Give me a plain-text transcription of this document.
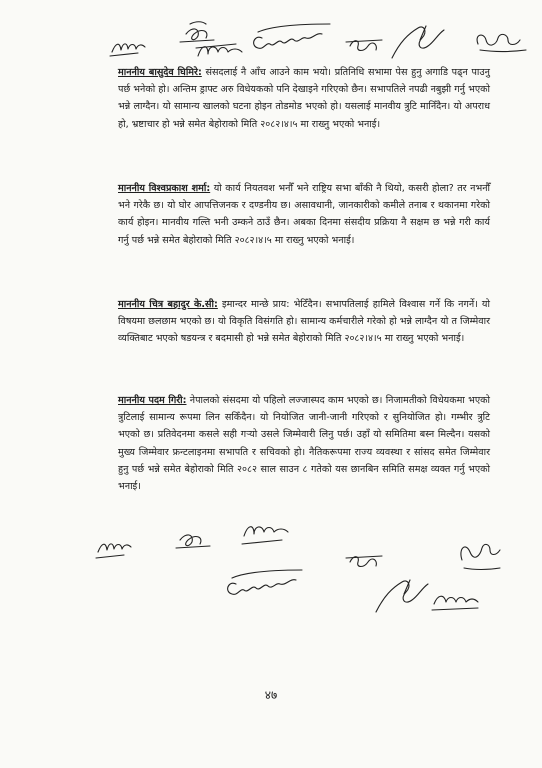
माननीय बासुदेव घिमिरे: संसदलाई नै आँच आउने काम भयो। प्रतिनिधि सभामा पेस हुनु अगाडि पढ्न पाउनु पर्छ भनेको हो। अन्तिम ड्राफ्ट अरु विधेयकको पनि देखाइने गरिएको छैन। सभापतिले नपढी नबुझी गर्नु भएको भन्ने लाग्दैन। यो सामान्य खालको घटना होइन तोडमोड भएको हो। यसलाई मानवीय त्रुटि मानिँदैन। यो अपराध हो, भ्रष्टाचार हो भन्ने समेत बेहोराको मिति २०८२।४।५ मा राख्नु भएको भनाई।

माननीय विश्वप्रकाश शर्मा: यो कार्य नियतवश भनौँ भने राष्ट्रिय सभा बाँकी नै थियो, कसरी होला? तर नभनौँ भने गरेकै छ। यो घोर आपत्तिजनक र दण्डनीय छ। असावधानी, जानकारीको कमीले तनाब र थकानमा गरेको कार्य होइन। मानवीय गल्ति भनी उम्कने ठाउँ छैन। अबका दिनमा संसदीय प्रक्रिया नै सक्षम छ भन्ने गरी कार्य गर्नु पर्छ भन्ने समेत बेहोराको मिति २०८२।४।५ मा राख्नु भएको भनाई।

माननीय चित्र बहादुर के.सी: इमान्दर मान्छे प्राय: भेटिँदैन। सभापतिलाई हामिले विश्वास गर्ने कि नगर्ने। यो विषयमा छलछाम भएको छ। यो विकृति विसंगति हो। सामान्य कर्मचारीले गरेको हो भन्ने लाग्दैन यो त जिम्मेवार व्यक्तिबाट भएको षडयन्त्र र बदमासी हो भन्ने समेत बेहोराको मिति २०८२।४।५ मा राख्नु भएको भनाई।

माननीय पदम गिरी: नेपालको संसदमा यो पहिलो लज्जास्पद काम भएको छ। निजामतीको विधेयकमा भएको त्रुटिलाई सामान्य रूपमा लिन सकिँदैन। यो नियोजित जानी-जानी गरिएको र सुनियोजित हो। गम्भीर त्रुटि भएको छ। प्रतिवेदनमा कसले सही गऱ्यो उसले जिम्मेवारी लिनु पर्छ। उहाँ यो समितिमा बस्न मिल्दैन। यसको मुख्य जिम्मेवार फ्रन्टलाइनमा सभापति र सचिवको हो। नैतिकरूपमा राज्य व्यवस्था र सांसद समेत जिम्मेवार हुनु पर्छ भन्ने समेत बेहोराको मिति २०८२ साल साउन ८ गतेको यस छानबिन समिति समक्ष व्यक्त गर्नु भएको भनाई।

४७
